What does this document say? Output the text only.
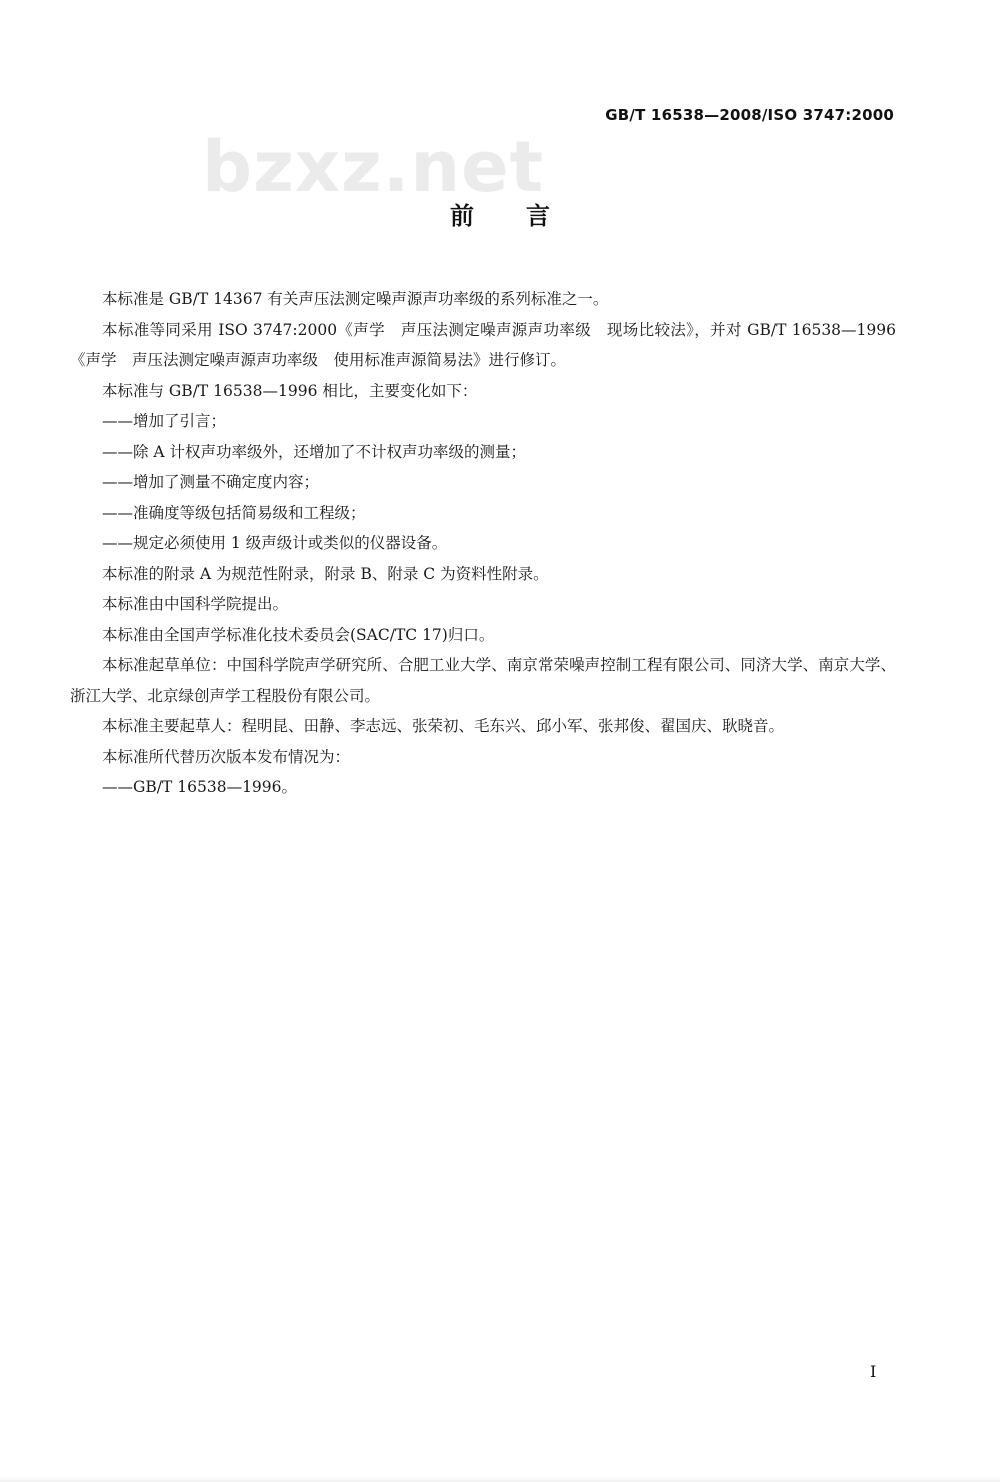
GB/T 16538—2008/ISO 3747:2000
bzxz.net
前言

本标准是 GB/T 14367 有关声压法测定噪声源声功率级的系列标准之一。

本标准等同采用 ISO 3747:2000《声学　声压法测定噪声源声功率级　现场比较法》，并对 GB/T 16538—1996《声学　声压法测定噪声源声功率级　使用标准声源简易法》进行修订。

本标准与 GB/T 16538—1996 相比，主要变化如下：

——增加了引言；

——除 A 计权声功率级外，还增加了不计权声功率级的测量；

——增加了测量不确定度内容；

——准确度等级包括简易级和工程级；

——规定必须使用 1 级声级计或类似的仪器设备。

本标准的附录 A 为规范性附录，附录 B、附录 C 为资料性附录。

本标准由中国科学院提出。

本标准由全国声学标准化技术委员会(SAC/TC 17)归口。

本标准起草单位：中国科学院声学研究所、合肥工业大学、南京常荣噪声控制工程有限公司、同济大学、南京大学、浙江大学、北京绿创声学工程股份有限公司。

本标准主要起草人：程明昆、田静、李志远、张荣初、毛东兴、邱小军、张邦俊、翟国庆、耿晓音。

本标准所代替历次版本发布情况为：

——GB/T 16538—1996。

I
